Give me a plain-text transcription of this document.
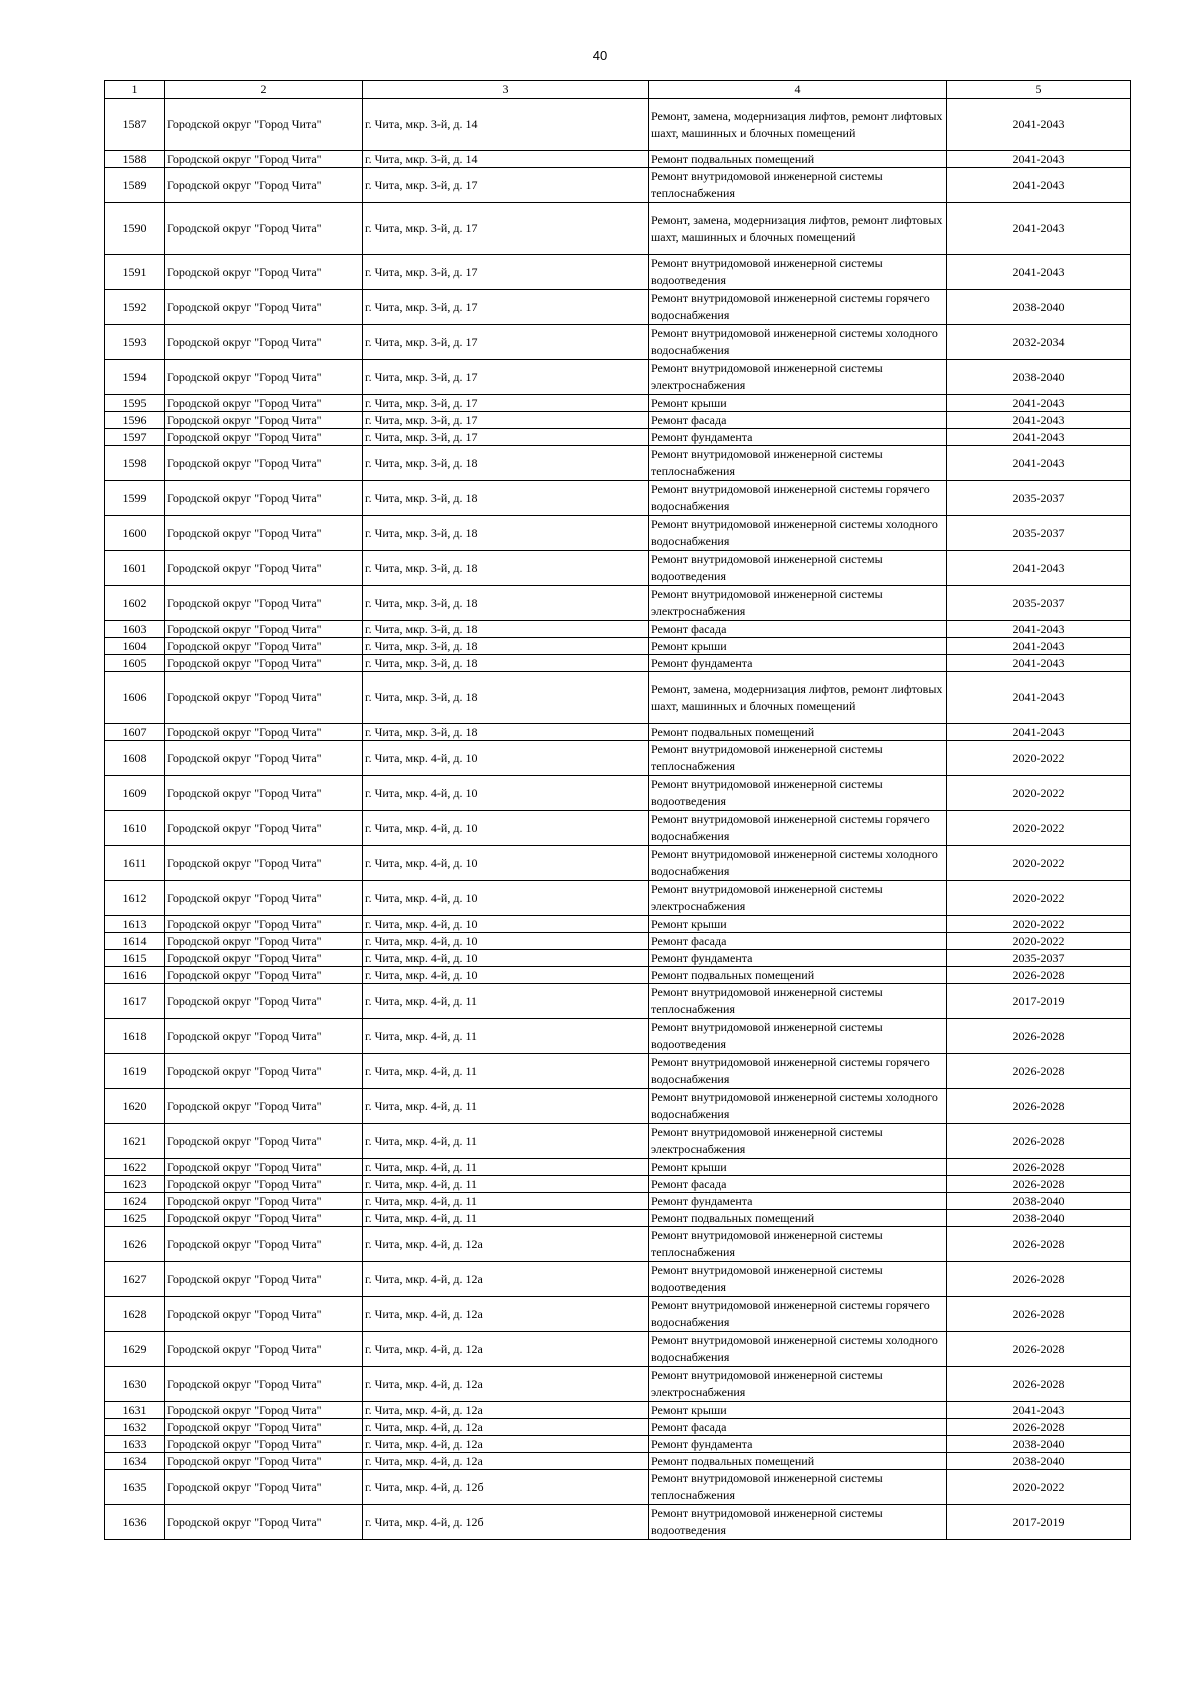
40
1	2	3	4	5
1587	Городской округ "Город Чита"	г. Чита, мкр. 3-й, д. 14	Ремонт, замена, модернизация лифтов, ремонт лифтовых шахт, машинных и блочных помещений	2041-2043
1588	Городской округ "Город Чита"	г. Чита, мкр. 3-й, д. 14	Ремонт подвальных помещений	2041-2043
1589	Городской округ "Город Чита"	г. Чита, мкр. 3-й, д. 17	Ремонт внутридомовой инженерной системы теплоснабжения	2041-2043
1590	Городской округ "Город Чита"	г. Чита, мкр. 3-й, д. 17	Ремонт, замена, модернизация лифтов, ремонт лифтовых шахт, машинных и блочных помещений	2041-2043
1591	Городской округ "Город Чита"	г. Чита, мкр. 3-й, д. 17	Ремонт внутридомовой инженерной системы водоотведения	2041-2043
1592	Городской округ "Город Чита"	г. Чита, мкр. 3-й, д. 17	Ремонт внутридомовой инженерной системы горячего водоснабжения	2038-2040
1593	Городской округ "Город Чита"	г. Чита, мкр. 3-й, д. 17	Ремонт внутридомовой инженерной системы холодного водоснабжения	2032-2034
1594	Городской округ "Город Чита"	г. Чита, мкр. 3-й, д. 17	Ремонт внутридомовой инженерной системы электроснабжения	2038-2040
1595	Городской округ "Город Чита"	г. Чита, мкр. 3-й, д. 17	Ремонт крыши	2041-2043
1596	Городской округ "Город Чита"	г. Чита, мкр. 3-й, д. 17	Ремонт фасада	2041-2043
1597	Городской округ "Город Чита"	г. Чита, мкр. 3-й, д. 17	Ремонт фундамента	2041-2043
1598	Городской округ "Город Чита"	г. Чита, мкр. 3-й, д. 18	Ремонт внутридомовой инженерной системы теплоснабжения	2041-2043
1599	Городской округ "Город Чита"	г. Чита, мкр. 3-й, д. 18	Ремонт внутридомовой инженерной системы горячего водоснабжения	2035-2037
1600	Городской округ "Город Чита"	г. Чита, мкр. 3-й, д. 18	Ремонт внутридомовой инженерной системы холодного водоснабжения	2035-2037
1601	Городской округ "Город Чита"	г. Чита, мкр. 3-й, д. 18	Ремонт внутридомовой инженерной системы водоотведения	2041-2043
1602	Городской округ "Город Чита"	г. Чита, мкр. 3-й, д. 18	Ремонт внутридомовой инженерной системы электроснабжения	2035-2037
1603	Городской округ "Город Чита"	г. Чита, мкр. 3-й, д. 18	Ремонт фасада	2041-2043
1604	Городской округ "Город Чита"	г. Чита, мкр. 3-й, д. 18	Ремонт крыши	2041-2043
1605	Городской округ "Город Чита"	г. Чита, мкр. 3-й, д. 18	Ремонт фундамента	2041-2043
1606	Городской округ "Город Чита"	г. Чита, мкр. 3-й, д. 18	Ремонт, замена, модернизация лифтов, ремонт лифтовых шахт, машинных и блочных помещений	2041-2043
1607	Городской округ "Город Чита"	г. Чита, мкр. 3-й, д. 18	Ремонт подвальных помещений	2041-2043
1608	Городской округ "Город Чита"	г. Чита, мкр. 4-й, д. 10	Ремонт внутридомовой инженерной системы теплоснабжения	2020-2022
1609	Городской округ "Город Чита"	г. Чита, мкр. 4-й, д. 10	Ремонт внутридомовой инженерной системы водоотведения	2020-2022
1610	Городской округ "Город Чита"	г. Чита, мкр. 4-й, д. 10	Ремонт внутридомовой инженерной системы горячего водоснабжения	2020-2022
1611	Городской округ "Город Чита"	г. Чита, мкр. 4-й, д. 10	Ремонт внутридомовой инженерной системы холодного водоснабжения	2020-2022
1612	Городской округ "Город Чита"	г. Чита, мкр. 4-й, д. 10	Ремонт внутридомовой инженерной системы электроснабжения	2020-2022
1613	Городской округ "Город Чита"	г. Чита, мкр. 4-й, д. 10	Ремонт крыши	2020-2022
1614	Городской округ "Город Чита"	г. Чита, мкр. 4-й, д. 10	Ремонт фасада	2020-2022
1615	Городской округ "Город Чита"	г. Чита, мкр. 4-й, д. 10	Ремонт фундамента	2035-2037
1616	Городской округ "Город Чита"	г. Чита, мкр. 4-й, д. 10	Ремонт подвальных помещений	2026-2028
1617	Городской округ "Город Чита"	г. Чита, мкр. 4-й, д. 11	Ремонт внутридомовой инженерной системы теплоснабжения	2017-2019
1618	Городской округ "Город Чита"	г. Чита, мкр. 4-й, д. 11	Ремонт внутридомовой инженерной системы водоотведения	2026-2028
1619	Городской округ "Город Чита"	г. Чита, мкр. 4-й, д. 11	Ремонт внутридомовой инженерной системы горячего водоснабжения	2026-2028
1620	Городской округ "Город Чита"	г. Чита, мкр. 4-й, д. 11	Ремонт внутридомовой инженерной системы холодного водоснабжения	2026-2028
1621	Городской округ "Город Чита"	г. Чита, мкр. 4-й, д. 11	Ремонт внутридомовой инженерной системы электроснабжения	2026-2028
1622	Городской округ "Город Чита"	г. Чита, мкр. 4-й, д. 11	Ремонт крыши	2026-2028
1623	Городской округ "Город Чита"	г. Чита, мкр. 4-й, д. 11	Ремонт фасада	2026-2028
1624	Городской округ "Город Чита"	г. Чита, мкр. 4-й, д. 11	Ремонт фундамента	2038-2040
1625	Городской округ "Город Чита"	г. Чита, мкр. 4-й, д. 11	Ремонт подвальных помещений	2038-2040
1626	Городской округ "Город Чита"	г. Чита, мкр. 4-й, д. 12а	Ремонт внутридомовой инженерной системы теплоснабжения	2026-2028
1627	Городской округ "Город Чита"	г. Чита, мкр. 4-й, д. 12а	Ремонт внутридомовой инженерной системы водоотведения	2026-2028
1628	Городской округ "Город Чита"	г. Чита, мкр. 4-й, д. 12а	Ремонт внутридомовой инженерной системы горячего водоснабжения	2026-2028
1629	Городской округ "Город Чита"	г. Чита, мкр. 4-й, д. 12а	Ремонт внутридомовой инженерной системы холодного водоснабжения	2026-2028
1630	Городской округ "Город Чита"	г. Чита, мкр. 4-й, д. 12а	Ремонт внутридомовой инженерной системы электроснабжения	2026-2028
1631	Городской округ "Город Чита"	г. Чита, мкр. 4-й, д. 12а	Ремонт крыши	2041-2043
1632	Городской округ "Город Чита"	г. Чита, мкр. 4-й, д. 12а	Ремонт фасада	2026-2028
1633	Городской округ "Город Чита"	г. Чита, мкр. 4-й, д. 12а	Ремонт фундамента	2038-2040
1634	Городской округ "Город Чита"	г. Чита, мкр. 4-й, д. 12а	Ремонт подвальных помещений	2038-2040
1635	Городской округ "Город Чита"	г. Чита, мкр. 4-й, д. 12б	Ремонт внутридомовой инженерной системы теплоснабжения	2020-2022
1636	Городской округ "Город Чита"	г. Чита, мкр. 4-й, д. 12б	Ремонт внутридомовой инженерной системы водоотведения	2017-2019
